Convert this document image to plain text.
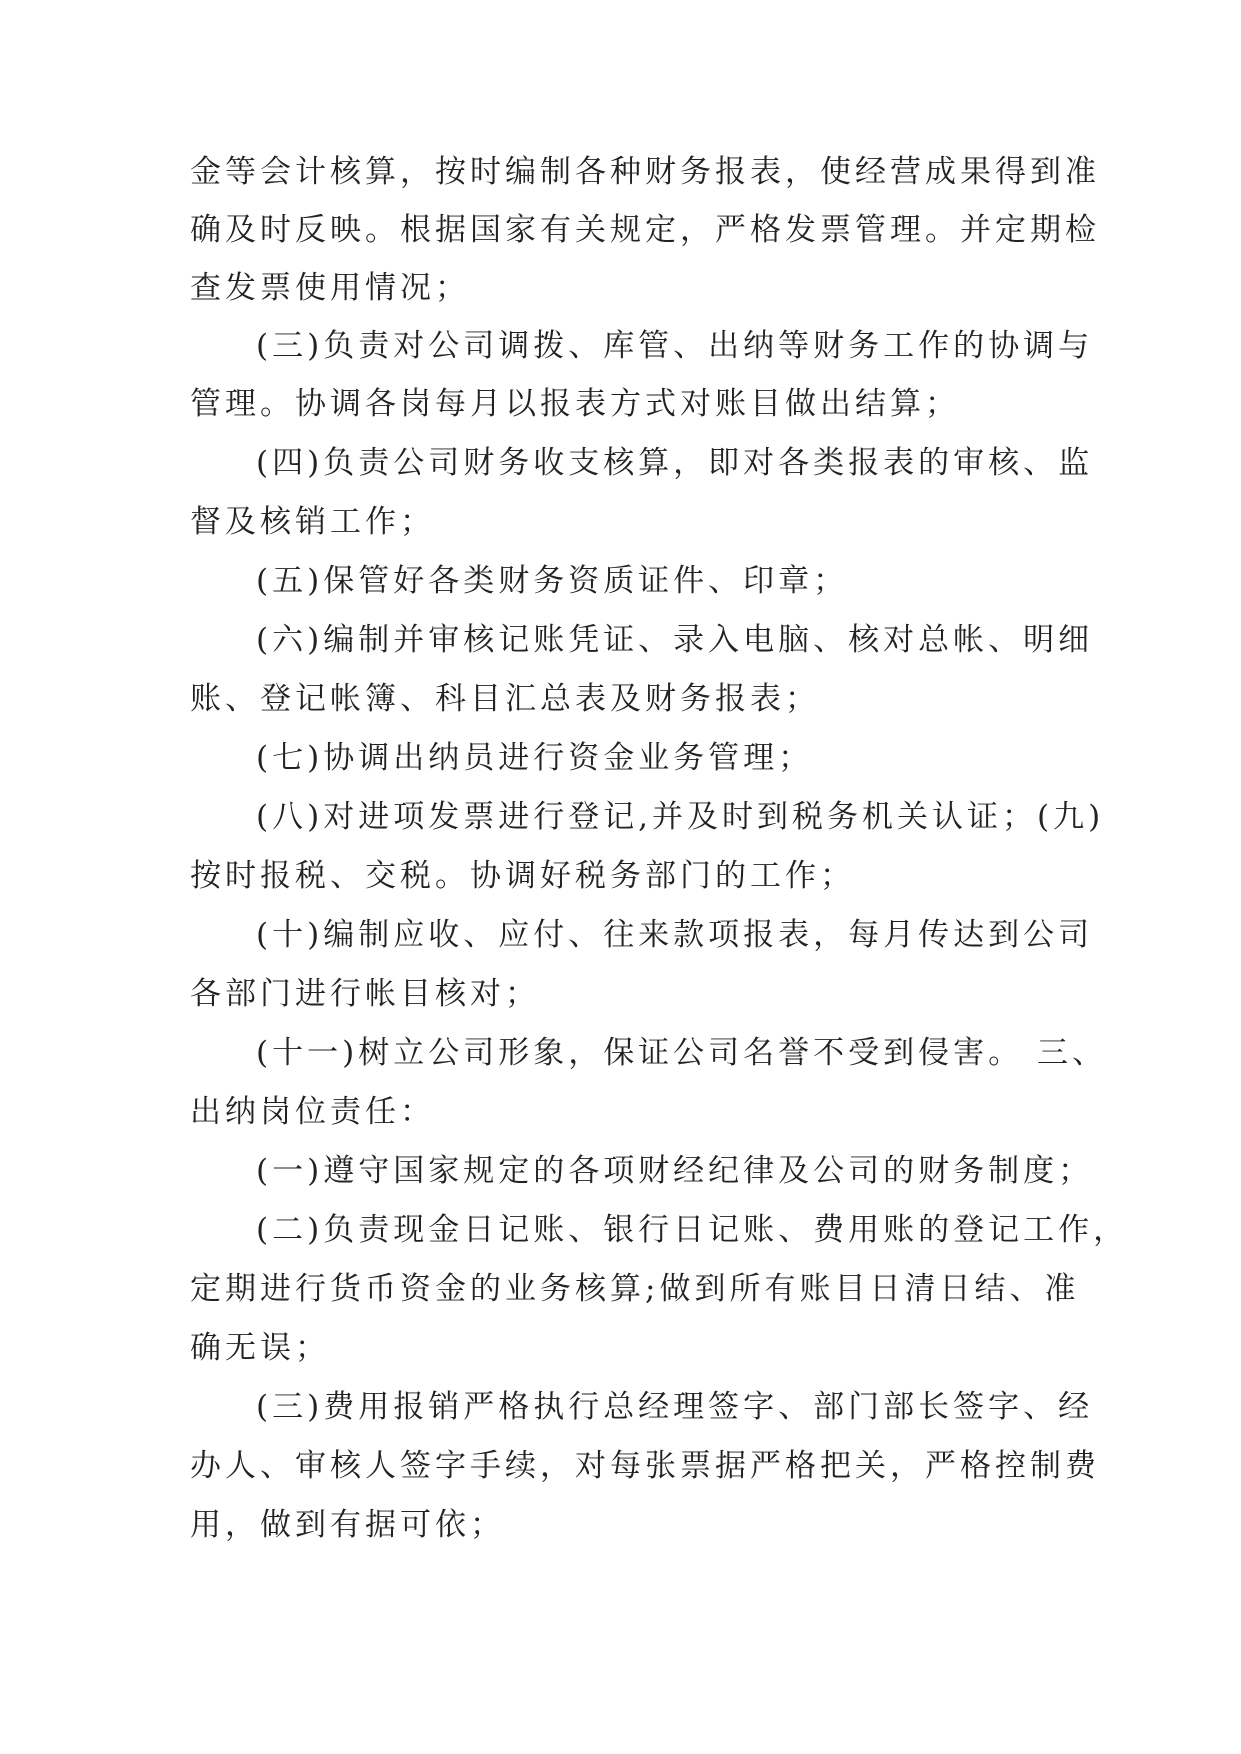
金等会计核算，按时编制各种财务报表，使经营成果得到准
确及时反映。根据国家有关规定，严格发票管理。并定期检
查发票使用情况；
(三)负责对公司调拨、库管、出纳等财务工作的协调与
管理。协调各岗每月以报表方式对账目做出结算；
(四)负责公司财务收支核算，即对各类报表的审核、监
督及核销工作；
(五)保管好各类财务资质证件、印章；
(六)编制并审核记账凭证、录入电脑、核对总帐、明细
账、登记帐簿、科目汇总表及财务报表；
(七)协调出纳员进行资金业务管理；
(八)对进项发票进行登记,并及时到税务机关认证；(九)
按时报税、交税。协调好税务部门的工作；
(十)编制应收、应付、往来款项报表，每月传达到公司
各部门进行帐目核对；
(十一)树立公司形象，保证公司名誉不受到侵害。 三、
出纳岗位责任：
(一)遵守国家规定的各项财经纪律及公司的财务制度；
(二)负责现金日记账、银行日记账、费用账的登记工作，
定期进行货币资金的业务核算;做到所有账目日清日结、准
确无误；
(三)费用报销严格执行总经理签字、部门部长签字、经
办人、审核人签字手续，对每张票据严格把关，严格控制费
用，做到有据可依；
